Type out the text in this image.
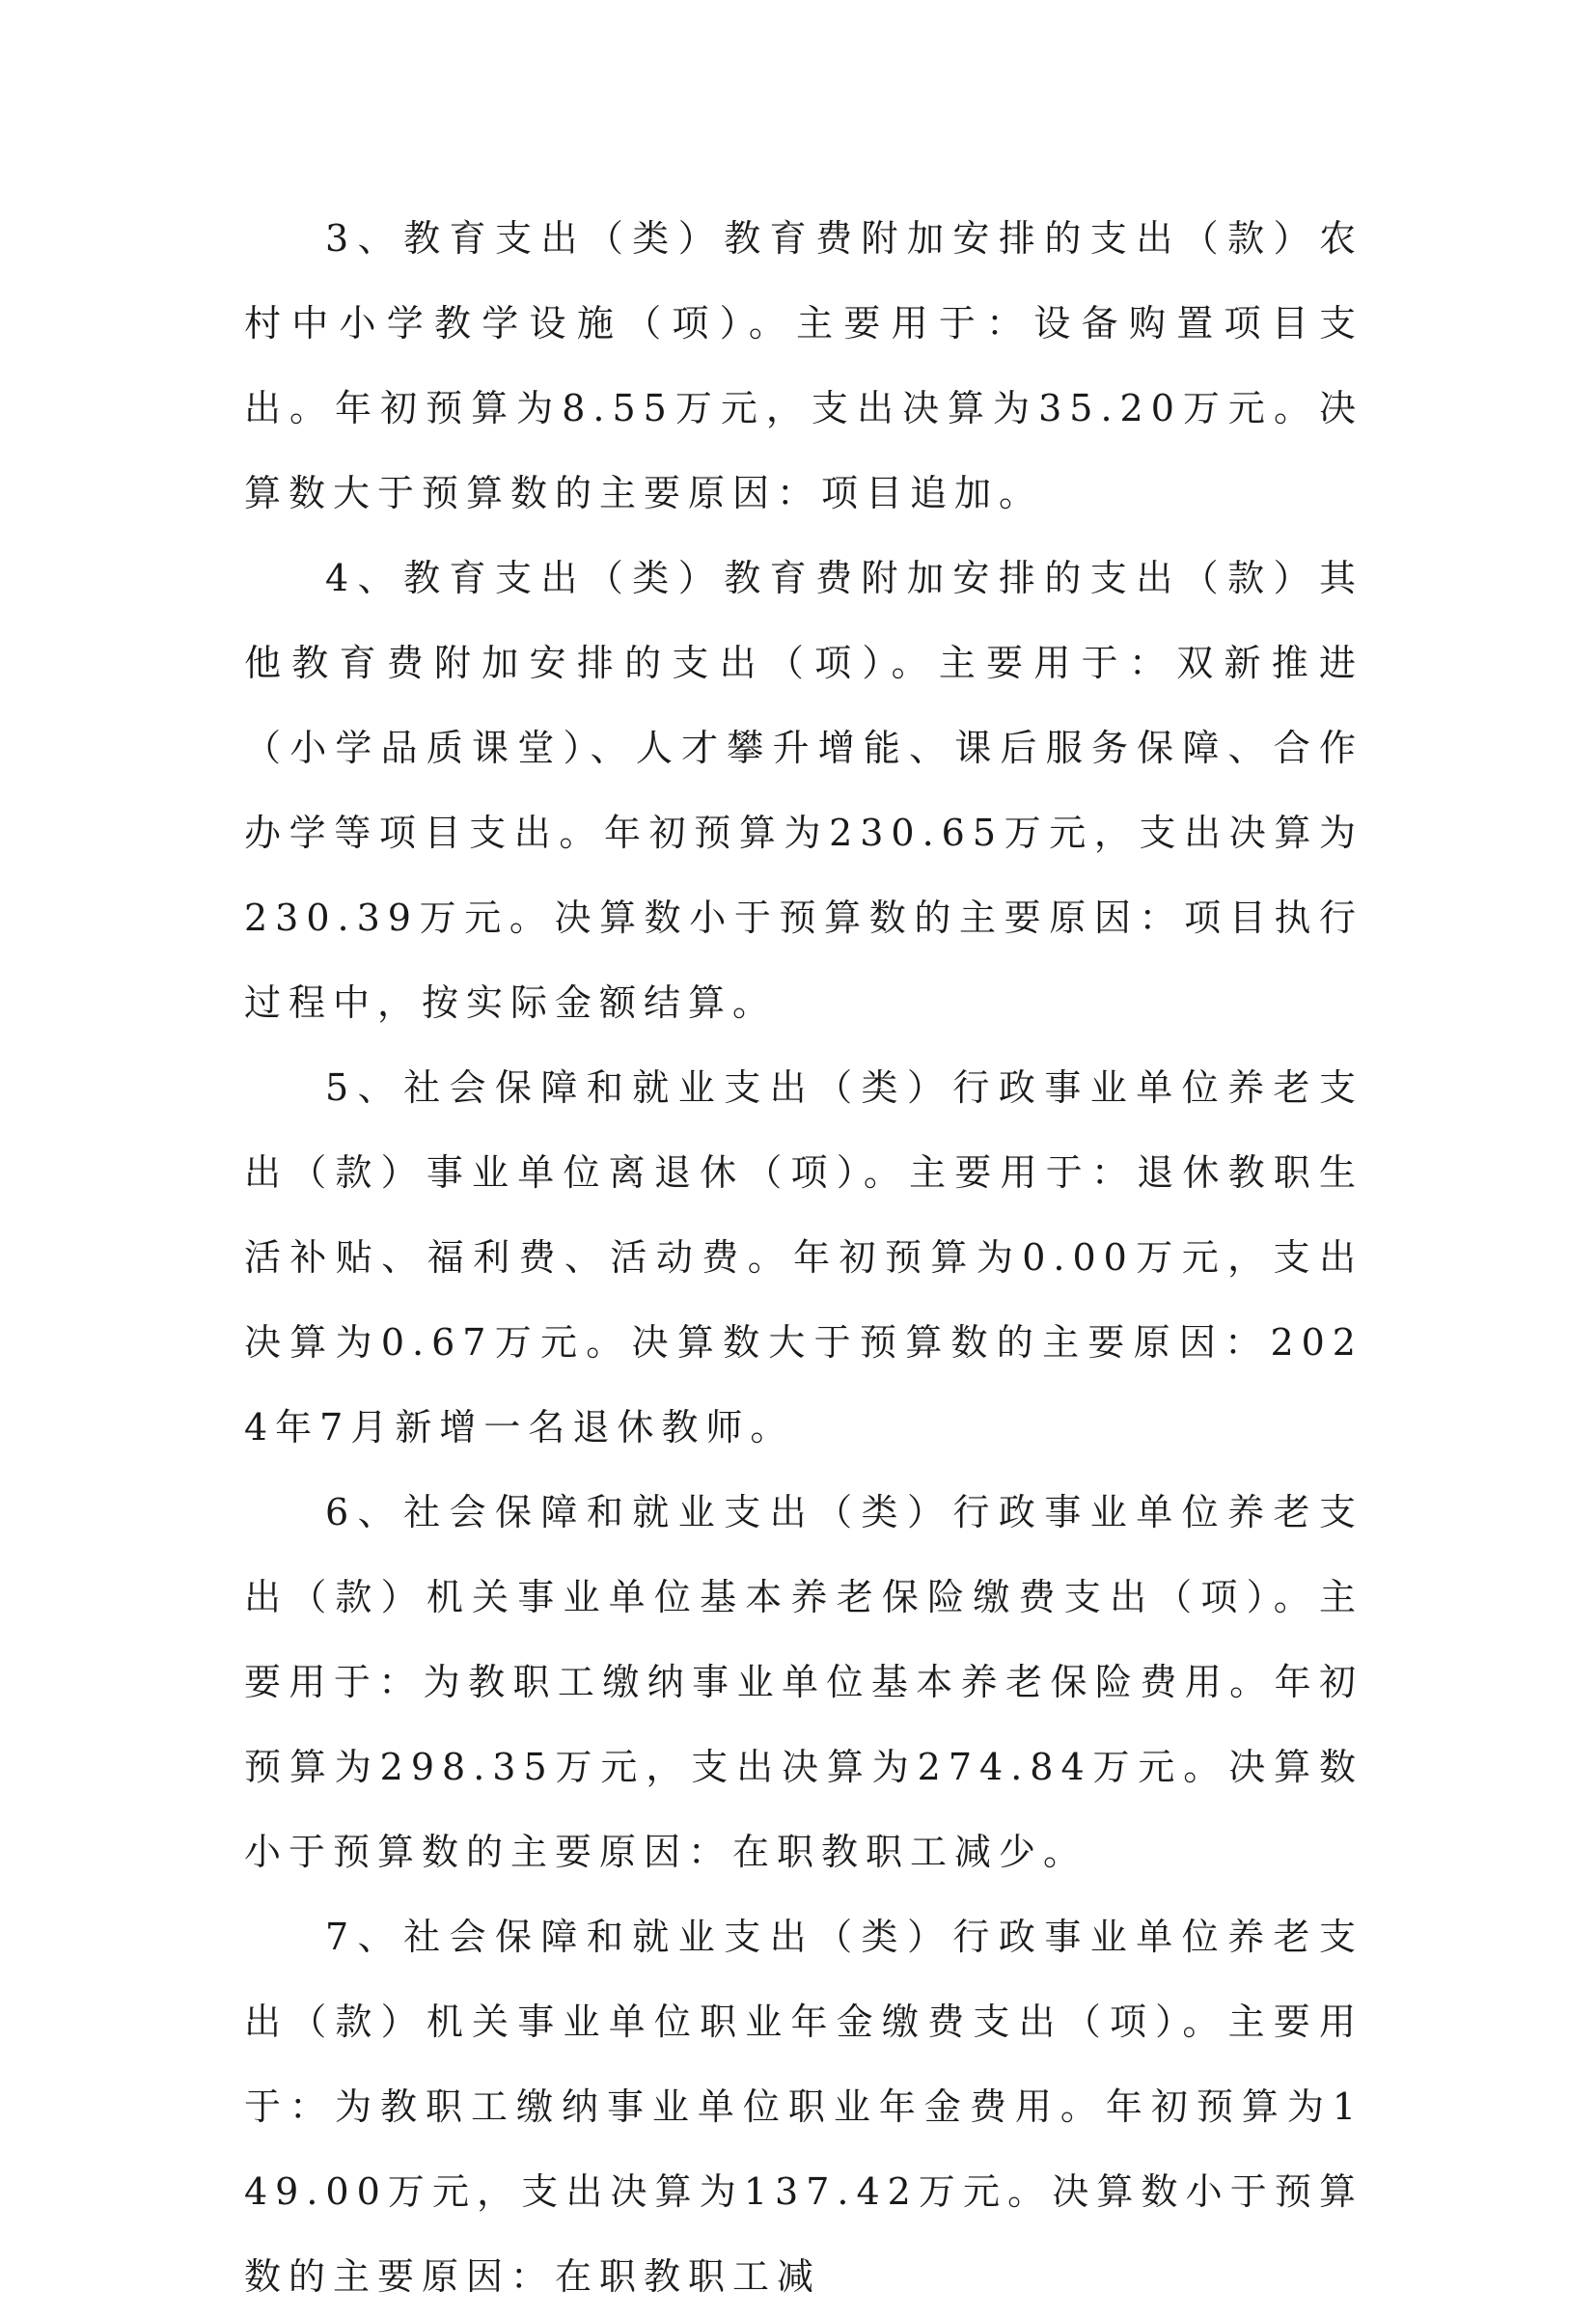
3、教育支出（类）教育费附加安排的支出（款）农村中小学教学设施（项）。主要用于：设备购置项目支出。年初预算为8.55万元，支出决算为35.20万元。决算数大于预算数的主要原因：项目追加。

4、教育支出（类）教育费附加安排的支出（款）其他教育费附加安排的支出（项）。主要用于：双新推进（小学品质课堂）、人才攀升增能、课后服务保障、合作办学等项目支出。年初预算为230.65万元，支出决算为230.39万元。决算数小于预算数的主要原因：项目执行过程中，按实际金额结算。

5、社会保障和就业支出（类）行政事业单位养老支出（款）事业单位离退休（项）。主要用于：退休教职生活补贴、福利费、活动费。年初预算为0.00万元，支出决算为0.67万元。决算数大于预算数的主要原因：2024年7月新增一名退休教师。

6、社会保障和就业支出（类）行政事业单位养老支出（款）机关事业单位基本养老保险缴费支出（项）。主要用于：为教职工缴纳事业单位基本养老保险费用。年初预算为298.35万元，支出决算为274.84万元。决算数小于预算数的主要原因：在职教职工减少。

7、社会保障和就业支出（类）行政事业单位养老支出（款）机关事业单位职业年金缴费支出（项）。主要用于：为教职工缴纳事业单位职业年金费用。年初预算为149.00万元，支出决算为137.42万元。决算数小于预算数的主要原因：在职教职工减
